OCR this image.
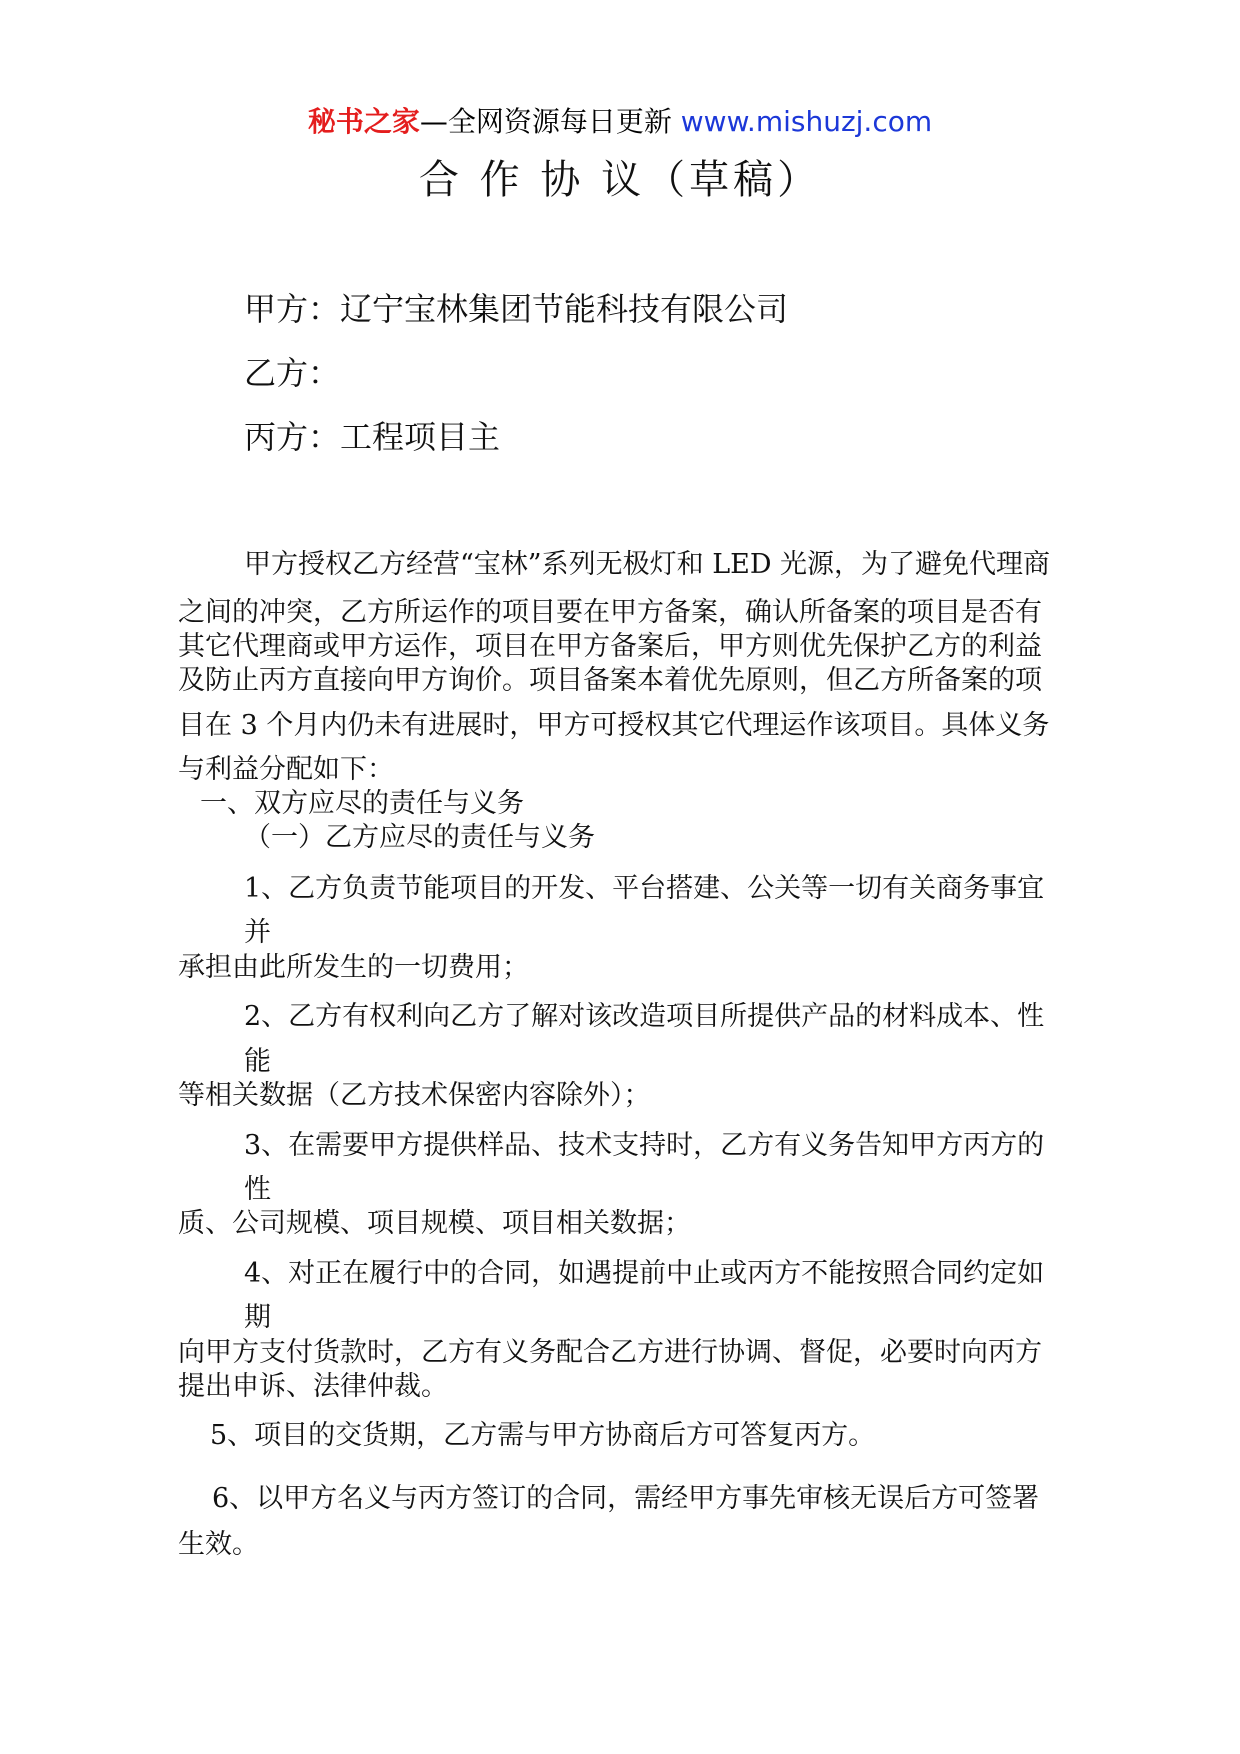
秘书之家—全网资源每日更新 www.mishuzj.com
合 作 协 议（草稿）
甲方：辽宁宝林集团节能科技有限公司
乙方：
丙方：工程项目主
甲方授权乙方经营“宝林”系列无极灯和 LED 光源，为了避免代理商
之间的冲突，乙方所运作的项目要在甲方备案，确认所备案的项目是否有
其它代理商或甲方运作，项目在甲方备案后，甲方则优先保护乙方的利益
及防止丙方直接向甲方询价。项目备案本着优先原则，但乙方所备案的项
目在 3 个月内仍未有进展时，甲方可授权其它代理运作该项目。具体义务
与利益分配如下：
一、双方应尽的责任与义务
（一）乙方应尽的责任与义务
1、乙方负责节能项目的开发、平台搭建、公关等一切有关商务事宜
并
承担由此所发生的一切费用；
2、乙方有权利向乙方了解对该改造项目所提供产品的材料成本、性
能
等相关数据（乙方技术保密内容除外）；
3、在需要甲方提供样品、技术支持时，乙方有义务告知甲方丙方的
性
质、公司规模、项目规模、项目相关数据；
4、对正在履行中的合同，如遇提前中止或丙方不能按照合同约定如
期
向甲方支付货款时，乙方有义务配合乙方进行协调、督促，必要时向丙方
提出申诉、法律仲裁。
5、项目的交货期，乙方需与甲方协商后方可答复丙方。
6、以甲方名义与丙方签订的合同，需经甲方事先审核无误后方可签署
生效。
